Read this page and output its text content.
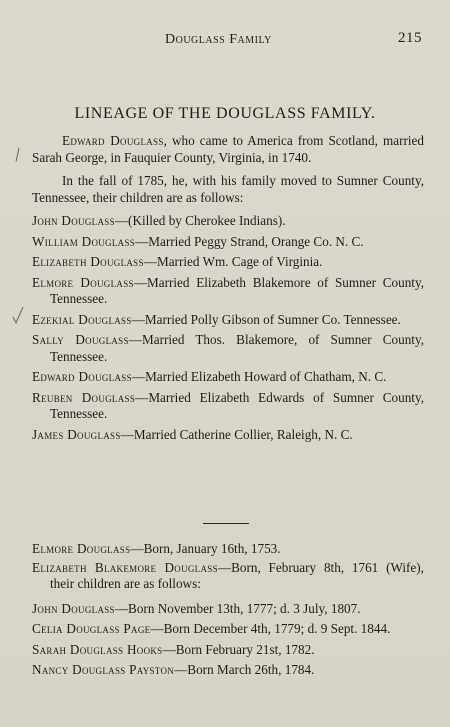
Douglass Family	215
LINEAGE OF THE DOUGLASS FAMILY.

Edward Douglass, who came to America from Scotland, married Sarah George, in Fauquier County, Virginia, in 1740.

In the fall of 1785, he, with his family moved to Sumner County, Tennessee, their children are as follows:

John Douglass—(Killed by Cherokee Indians).
William Douglass—Married Peggy Strand, Orange Co. N. C.
Elizabeth Douglass—Married Wm. Cage of Virginia.
Elmore Douglass—Married Elizabeth Blakemore of Sumner County, Tennessee.
Ezekial Douglass—Married Polly Gibson of Sumner Co. Tennessee.
Sally Douglass—Married Thos. Blakemore, of Sumner County, Tennessee.
Edward Douglass—Married Elizabeth Howard of Chatham, N. C.
Reuben Douglass—Married Elizabeth Edwards of Sumner County, Tennessee.
James Douglass—Married Catherine Collier, Raleigh, N. C.
Elmore Douglass—Born, January 16th, 1753.
Elizabeth Blakemore Douglass—Born, February 8th, 1761 (Wife), their children are as follows:
John Douglass—Born November 13th, 1777; d. 3 July, 1807.
Celia Douglass Page—Born December 4th, 1779; d. 9 Sept. 1844.
Sarah Douglass Hooks—Born February 21st, 1782.
Nancy Douglass Payston—Born March 26th, 1784.
